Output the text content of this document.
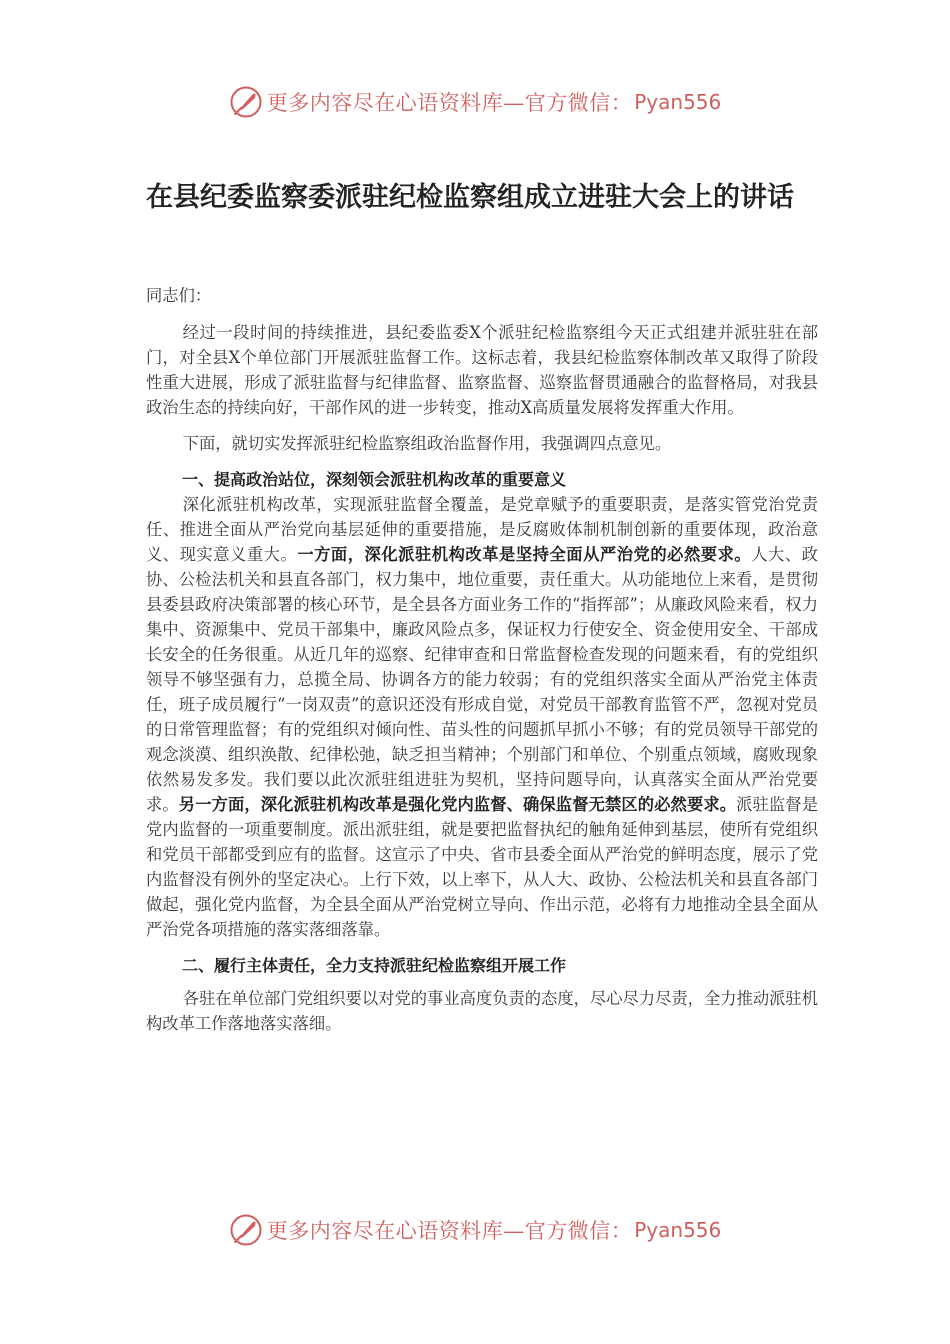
更多内容尽在心语资料库—官方微信： Pyan556
在县纪委监察委派驻纪检监察组成立进驻大会上的讲话

同志们：

经过一段时间的持续推进，县纪委监委X个派驻纪检监察组今天正式组建并派驻驻在部门，对全县X个单位部门开展派驻监督工作。这标志着，我县纪检监察体制改革又取得了阶段性重大进展，形成了派驻监督与纪律监督、监察监督、巡察监督贯通融合的监督格局，对我县政治生态的持续向好，干部作风的进一步转变，推动X高质量发展将发挥重大作用。

下面，就切实发挥派驻纪检监察组政治监督作用，我强调四点意见。

一、提高政治站位，深刻领会派驻机构改革的重要意义

深化派驻机构改革，实现派驻监督全覆盖，是党章赋予的重要职责，是落实管党治党责任、推进全面从严治党向基层延伸的重要措施，是反腐败体制机制创新的重要体现，政治意义、现实意义重大。一方面，深化派驻机构改革是坚持全面从严治党的必然要求。人大、政协、公检法机关和县直各部门，权力集中，地位重要，责任重大。从功能地位上来看，是贯彻县委县政府决策部署的核心环节，是全县各方面业务工作的“指挥部”；从廉政风险来看，权力集中、资源集中、党员干部集中，廉政风险点多，保证权力行使安全、资金使用安全、干部成长安全的任务很重。从近几年的巡察、纪律审查和日常监督检查发现的问题来看，有的党组织领导不够坚强有力，总揽全局、协调各方的能力较弱；有的党组织落实全面从严治党主体责任，班子成员履行“一岗双责”的意识还没有形成自觉，对党员干部教育监管不严，忽视对党员的日常管理监督；有的党组织对倾向性、苗头性的问题抓早抓小不够；有的党员领导干部党的观念淡漠、组织涣散、纪律松弛，缺乏担当精神；个别部门和单位、个别重点领域，腐败现象依然易发多发。我们要以此次派驻组进驻为契机，坚持问题导向，认真落实全面从严治党要求。另一方面，深化派驻机构改革是强化党内监督、确保监督无禁区的必然要求。派驻监督是党内监督的一项重要制度。派出派驻组，就是要把监督执纪的触角延伸到基层，使所有党组织和党员干部都受到应有的监督。这宣示了中央、省市县委全面从严治党的鲜明态度，展示了党内监督没有例外的坚定决心。上行下效，以上率下，从人大、政协、公检法机关和县直各部门做起，强化党内监督，为全县全面从严治党树立导向、作出示范，必将有力地推动全县全面从严治党各项措施的落实落细落靠。

二、履行主体责任，全力支持派驻纪检监察组开展工作

各驻在单位部门党组织要以对党的事业高度负责的态度，尽心尽力尽责，全力推动派驻机构改革工作落地落实落细。

更多内容尽在心语资料库—官方微信： Pyan556
